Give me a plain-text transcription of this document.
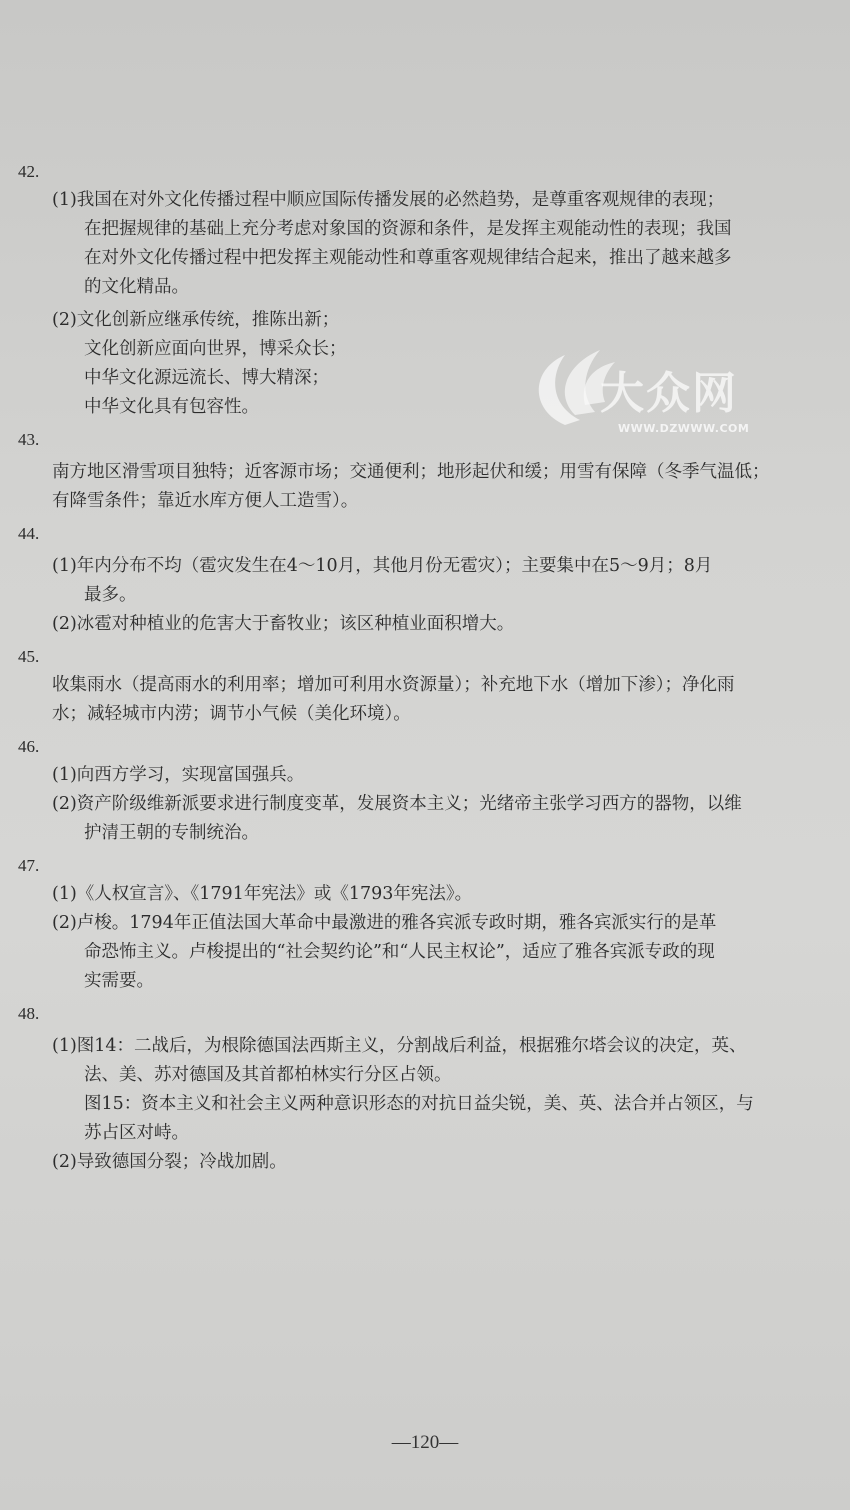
42.

(1)我国在对外文化传播过程中顺应国际传播发展的必然趋势，是尊重客观规律的表现；

在把握规律的基础上充分考虑对象国的资源和条件，是发挥主观能动性的表现；我国

在对外文化传播过程中把发挥主观能动性和尊重客观规律结合起来，推出了越来越多

的文化精品。

(2)文化创新应继承传统，推陈出新；

文化创新应面向世界，博采众长；

中华文化源远流长、博大精深；

中华文化具有包容性。

43.

南方地区滑雪项目独特；近客源市场；交通便利；地形起伏和缓；用雪有保障（冬季气温低；

有降雪条件；靠近水库方便人工造雪）。

44.

(1)年内分布不均（雹灾发生在4～10月，其他月份无雹灾）；主要集中在5～9月；8月

最多。

(2)冰雹对种植业的危害大于畜牧业；该区种植业面积增大。

45.

收集雨水（提高雨水的利用率；增加可利用水资源量）；补充地下水（增加下渗）；净化雨

水；减轻城市内涝；调节小气候（美化环境）。

46.

(1)向西方学习，实现富国强兵。

(2)资产阶级维新派要求进行制度变革，发展资本主义；光绪帝主张学习西方的器物，以维

护清王朝的专制统治。

47.

(1)《人权宣言》、《1791年宪法》或《1793年宪法》。

(2)卢梭。1794年正值法国大革命中最激进的雅各宾派专政时期，雅各宾派实行的是革

命恐怖主义。卢梭提出的“社会契约论”和“人民主权论”，适应了雅各宾派专政的现

实需要。

48.

(1)图14：二战后，为根除德国法西斯主义，分割战后利益，根据雅尔塔会议的决定，英、

法、美、苏对德国及其首都柏林实行分区占领。

图15：资本主义和社会主义两种意识形态的对抗日益尖锐，美、英、法合并占领区，与

苏占区对峙。

(2)导致德国分裂；冷战加剧。

大众网
WWW.DZWWW.COM
—120—
